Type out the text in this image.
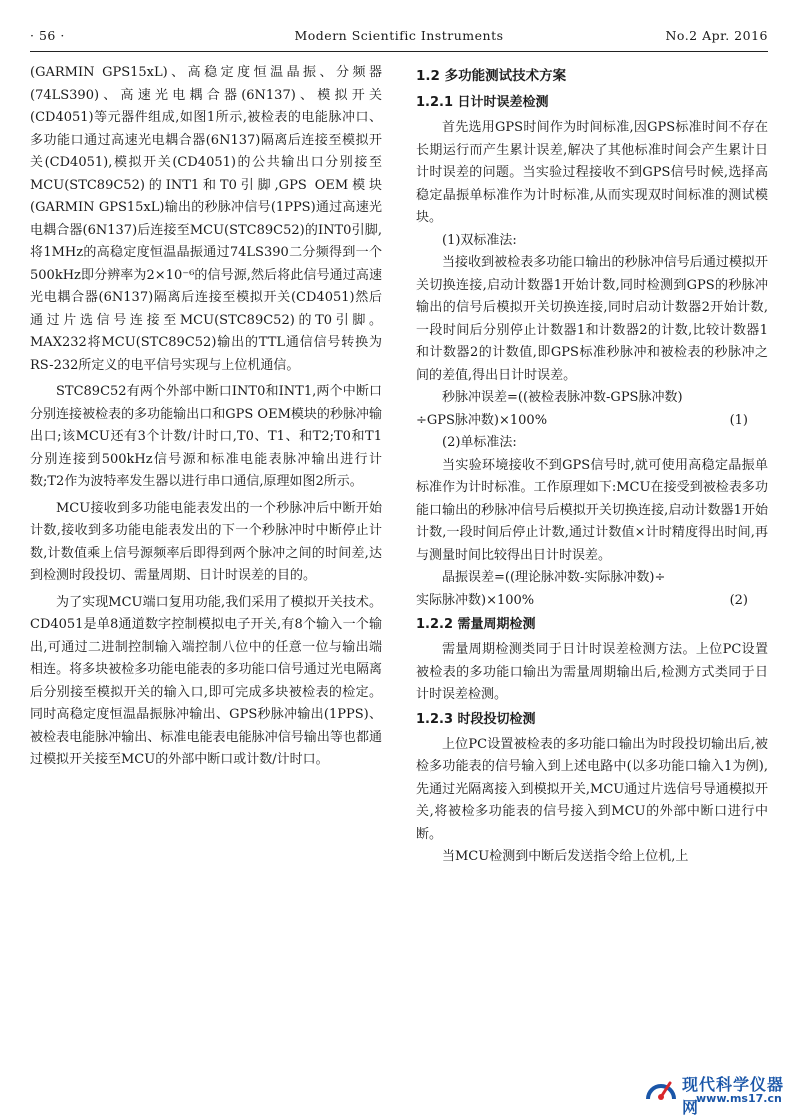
· 56 ·	Modern Scientific Instruments	No.2 Apr. 2016

(GARMIN GPS15xL)、高稳定度恒温晶振、分频器(74LS390)、高速光电耦合器(6N137)、模拟开关(CD4051)等元器件组成,如图1所示,被检表的电能脉冲口、多功能口通过高速光电耦合器(6N137)隔离后连接至模拟开关(CD4051),模拟开关(CD4051)的公共输出口分别接至MCU(STC89C52)的INT1和T0引脚,GPS OEM模块(GARMIN GPS15xL)输出的秒脉冲信号(1PPS)通过高速光电耦合器(6N137)后连接至MCU(STC89C52)的INT0引脚,将1MHz的高稳定度恒温晶振通过74LS390二分频得到一个500kHz即分辨率为2×10⁻⁶的信号源,然后将此信号通过高速光电耦合器(6N137)隔离后连接至模拟开关(CD4051)然后通过片选信号连接至MCU(STC89C52)的T0引脚。MAX232将MCU(STC89C52)输出的TTL通信信号转换为RS-232所定义的电平信号实现与上位机通信。

STC89C52有两个外部中断口INT0和INT1,两个中断口分别连接被检表的多功能输出口和GPS OEM模块的秒脉冲输出口;该MCU还有3个计数/计时口,T0、T1、和T2;T0和T1分别连接到500kHz信号源和标准电能表脉冲输出进行计数;T2作为波特率发生器以进行串口通信,原理如图2所示。

MCU接收到多功能电能表发出的一个秒脉冲后中断开始计数,接收到多功能电能表发出的下一个秒脉冲时中断停止计数,计数值乘上信号源频率后即得到两个脉冲之间的时间差,达到检测时段投切、需量周期、日计时误差的目的。

为了实现MCU端口复用功能,我们采用了模拟开关技术。CD4051是单8通道数字控制模拟电子开关,有8个输入一个输出,可通过二进制控制输入端控制八位中的任意一位与输出端相连。将多块被检多功能电能表的多功能口信号通过光电隔离后分别接至模拟开关的输入口,即可完成多块被检表的检定。同时高稳定度恒温晶振脉冲输出、GPS秒脉冲输出(1PPS)、被检表电能脉冲输出、标准电能表电能脉冲信号输出等也都通过模拟开关接至MCU的外部中断口或计数/计时口。

1.2 多功能测试技术方案
1.2.1 日计时误差检测

首先选用GPS时间作为时间标准,因GPS标准时间不存在长期运行而产生累计误差,解决了其他标准时间会产生累计日计时误差的问题。当实验过程接收不到GPS信号时候,选择高稳定晶振单标准作为计时标准,从而实现双时间标准的测试模块。

(1)双标准法:

当接收到被检表多功能口输出的秒脉冲信号后通过模拟开关切换连接,启动计数器1开始计数,同时检测到GPS的秒脉冲输出的信号后模拟开关切换连接,同时启动计数器2开始计数,一段时间后分别停止计数器1和计数器2的计数,比较计数器1和计数器2的计数值,即GPS标准秒脉冲和被检表的秒脉冲之间的差值,得出日计时误差。

秒脉冲误差=((被检表脉冲数-GPS脉冲数)
÷GPS脉冲数)×100%	(1)
(2)单标准法:

当实验环境接收不到GPS信号时,就可使用高稳定晶振单标准作为计时标准。工作原理如下:MCU在接受到被检表多功能口输出的秒脉冲信号后模拟开关切换连接,启动计数器1开始计数,一段时间后停止计数,通过计数值×计时精度得出时间,再与测量时间比较得出日计时误差。

晶振误差=((理论脉冲数-实际脉冲数)÷
实际脉冲数)×100%	(2)
1.2.2 需量周期检测

需量周期检测类同于日计时误差检测方法。上位PC设置被检表的多功能口输出为需量周期输出后,检测方式类同于日计时误差检测。

1.2.3 时段投切检测

上位PC设置被检表的多功能口输出为时段投切输出后,被检多功能表的信号输入到上述电路中(以多功能口输入1为例),先通过光隔离接入到模拟开关,MCU通过片选信号导通模拟开关,将被检多功能表的信号接入到MCU的外部中断口进行中断。

当MCU检测到中断后发送指令给上位机,上

现代科学仪器网
www.ms17.cn
